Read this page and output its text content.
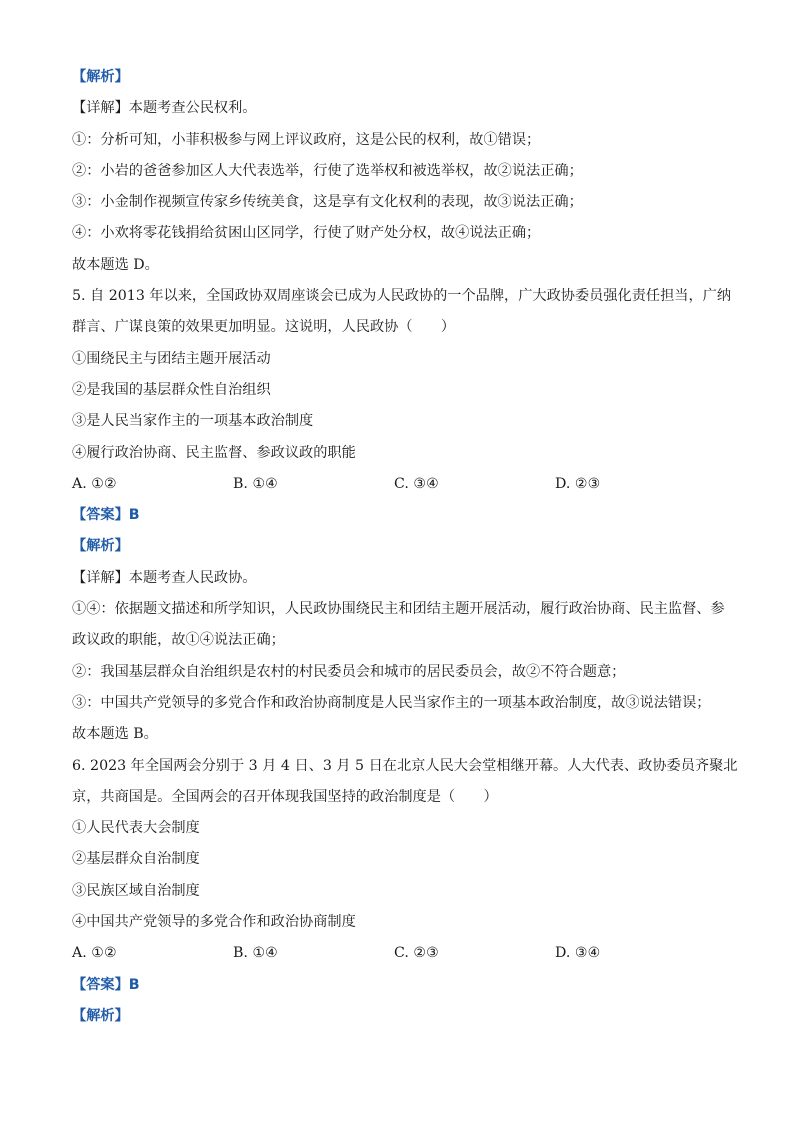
【解析】
【详解】本题考查公民权利。
①：分析可知，小菲积极参与网上评议政府，这是公民的权利，故①错误；
②：小岩的爸爸参加区人大代表选举，行使了选举权和被选举权，故②说法正确；
③：小金制作视频宣传家乡传统美食，这是享有文化权利的表现，故③说法正确；
④：小欢将零花钱捐给贫困山区同学，行使了财产处分权，故④说法正确；
故本题选 D。
5. 自 2013 年以来，全国政协双周座谈会已成为人民政协的一个品牌，广大政协委员强化责任担当，广纳
群言、广谋良策的效果更加明显。这说明，人民政协（　　）
①围绕民主与团结主题开展活动
②是我国的基层群众性自治组织
③是人民当家作主的一项基本政治制度
④履行政治协商、民主监督、参政议政的职能
A. ①②	B. ①④	C. ③④	D. ②③
【答案】B
【解析】
【详解】本题考查人民政协。
①④：依据题文描述和所学知识，人民政协围绕民主和团结主题开展活动，履行政治协商、民主监督、参
政议政的职能，故①④说法正确；
②：我国基层群众自治组织是农村的村民委员会和城市的居民委员会，故②不符合题意；
③：中国共产党领导的多党合作和政治协商制度是人民当家作主的一项基本政治制度，故③说法错误；
故本题选 B。
6. 2023 年全国两会分别于 3 月 4 日、3 月 5 日在北京人民大会堂相继开幕。人大代表、政协委员齐聚北
京，共商国是。全国两会的召开体现我国坚持的政治制度是（　　）
①人民代表大会制度
②基层群众自治制度
③民族区域自治制度
④中国共产党领导的多党合作和政治协商制度
A. ①②	B. ①④	C. ②③	D. ③④
【答案】B
【解析】
